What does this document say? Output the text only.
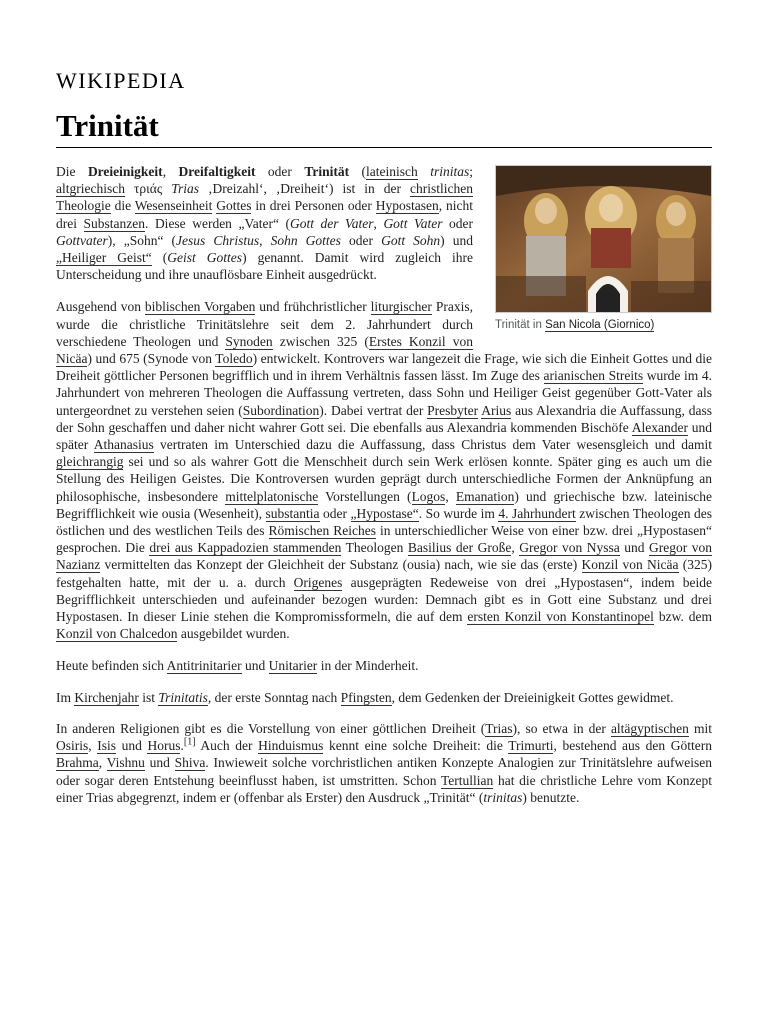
WIKIPEDIA
Trinität
Trinität in San Nicola (Giornico)

Die Dreieinigkeit, Dreifaltigkeit oder Trinität (lateinisch trinitas; altgriechisch τριάς Trias ‚Dreizahl‘, ‚Dreiheit‘) ist in der christlichen Theologie die Wesenseinheit Gottes in drei Personen oder Hypostasen, nicht drei Substanzen. Diese werden „Vater“ (Gott der Vater, Gott Vater oder Gottvater), „Sohn“ (Jesus Christus, Sohn Gottes oder Gott Sohn) und „Heiliger Geist“ (Geist Gottes) genannt. Damit wird zugleich ihre Unterscheidung und ihre unauflösbare Einheit ausgedrückt.

Ausgehend von biblischen Vorgaben und frühchristlicher liturgischer Praxis, wurde die christliche Trinitätslehre seit dem 2. Jahrhundert durch verschiedene Theologen und Synoden zwischen 325 (Erstes Konzil von Nicäa) und 675 (Synode von Toledo) entwickelt. Kontrovers war langezeit die Frage, wie sich die Einheit Gottes und die Dreiheit göttlicher Personen begrifflich und in ihrem Verhältnis fassen lässt. Im Zuge des arianischen Streits wurde im 4. Jahrhundert von mehreren Theologen die Auffassung vertreten, dass Sohn und Heiliger Geist gegenüber Gott-Vater als untergeordnet zu verstehen seien (Subordination). Dabei vertrat der Presbyter Arius aus Alexandria die Auffassung, dass der Sohn geschaffen und daher nicht wahrer Gott sei. Die ebenfalls aus Alexandria kommenden Bischöfe Alexander und später Athanasius vertraten im Unterschied dazu die Auffassung, dass Christus dem Vater wesensgleich und damit gleichrangig sei und so als wahrer Gott die Menschheit durch sein Werk erlösen konnte. Später ging es auch um die Stellung des Heiligen Geistes. Die Kontroversen wurden geprägt durch unterschiedliche Formen der Anknüpfung an philosophische, insbesondere mittelplatonische Vorstellungen (Logos, Emanation) und griechische bzw. lateinische Begrifflichkeit wie ousia (Wesenheit), substantia oder „Hypostase“. So wurde im 4. Jahrhundert zwischen Theologen des östlichen und des westlichen Teils des Römischen Reiches in unterschiedlicher Weise von einer bzw. drei „Hypostasen“ gesprochen. Die drei aus Kappadozien stammenden Theologen Basilius der Große, Gregor von Nyssa und Gregor von Nazianz vermittelten das Konzept der Gleichheit der Substanz (ousia) nach, wie sie das (erste) Konzil von Nicäa (325) festgehalten hatte, mit der u. a. durch Origenes ausgeprägten Redeweise von drei „Hypostasen“, indem beide Begrifflichkeit unterschieden und aufeinander bezogen wurden: Demnach gibt es in Gott eine Substanz und drei Hypostasen. In dieser Linie stehen die Kompromissformeln, die auf dem ersten Konzil von Konstantinopel bzw. dem Konzil von Chalcedon ausgebildet wurden.

Heute befinden sich Antitrinitarier und Unitarier in der Minderheit.

Im Kirchenjahr ist Trinitatis, der erste Sonntag nach Pfingsten, dem Gedenken der Dreieinigkeit Gottes gewidmet.

In anderen Religionen gibt es die Vorstellung von einer göttlichen Dreiheit (Trias), so etwa in der altägyptischen mit Osiris, Isis und Horus.[1] Auch der Hinduismus kennt eine solche Dreiheit: die Trimurti, bestehend aus den Göttern Brahma, Vishnu und Shiva. Inwieweit solche vorchristlichen antiken Konzepte Analogien zur Trinitätslehre aufweisen oder sogar deren Entstehung beeinflusst haben, ist umstritten. Schon Tertullian hat die christliche Lehre vom Konzept einer Trias abgegrenzt, indem er (offenbar als Erster) den Ausdruck „Trinität“ (trinitas) benutzte.
